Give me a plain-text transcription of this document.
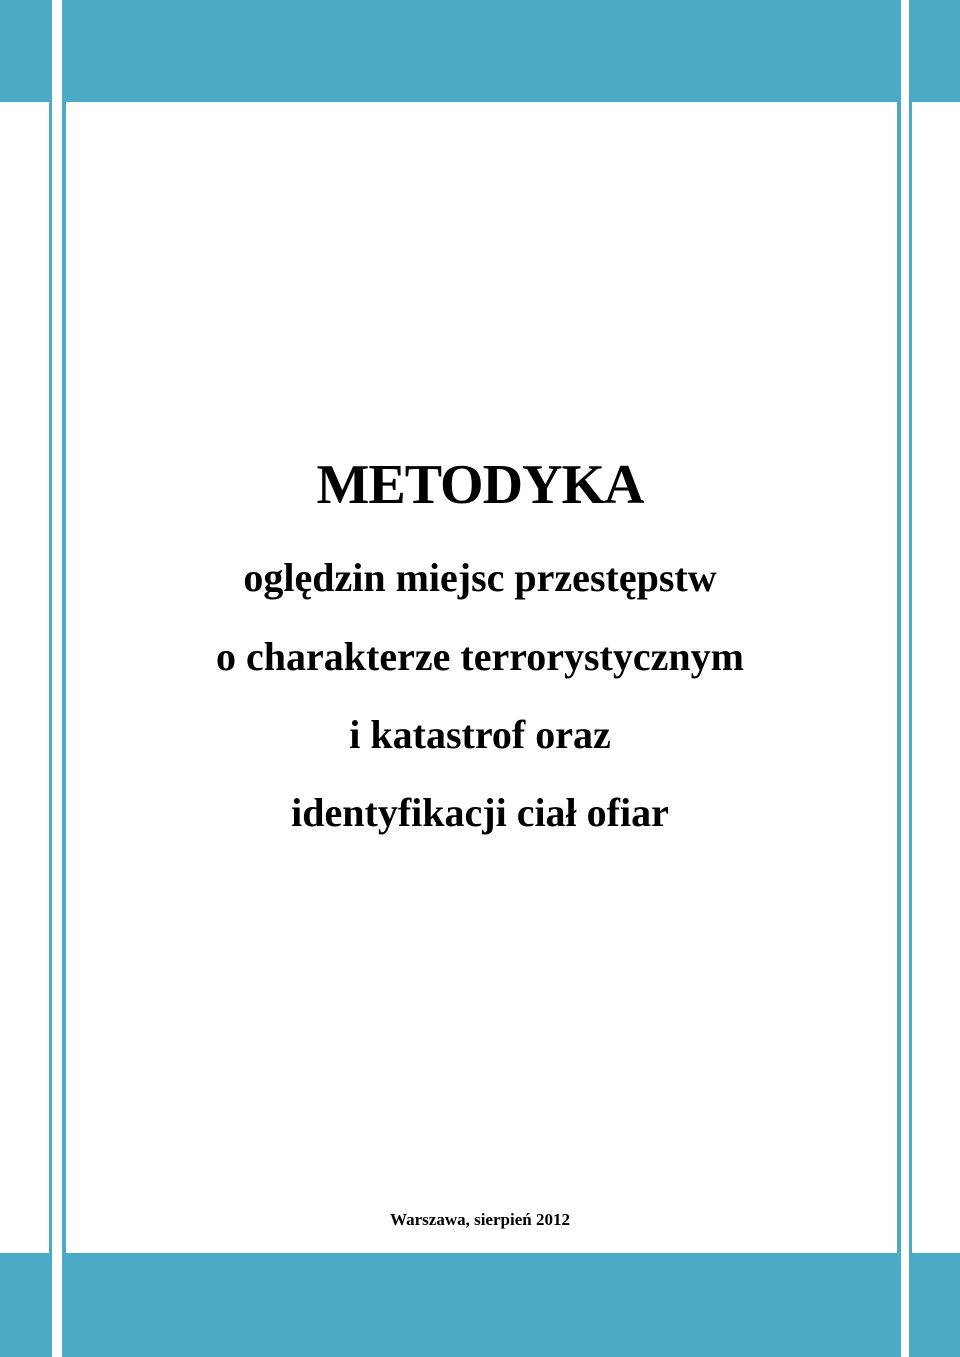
METODYKA
oględzin miejsc przestępstw
o charakterze terrorystycznym
i katastrof oraz
identyfikacji ciał ofiar
Warszawa, sierpień 2012
